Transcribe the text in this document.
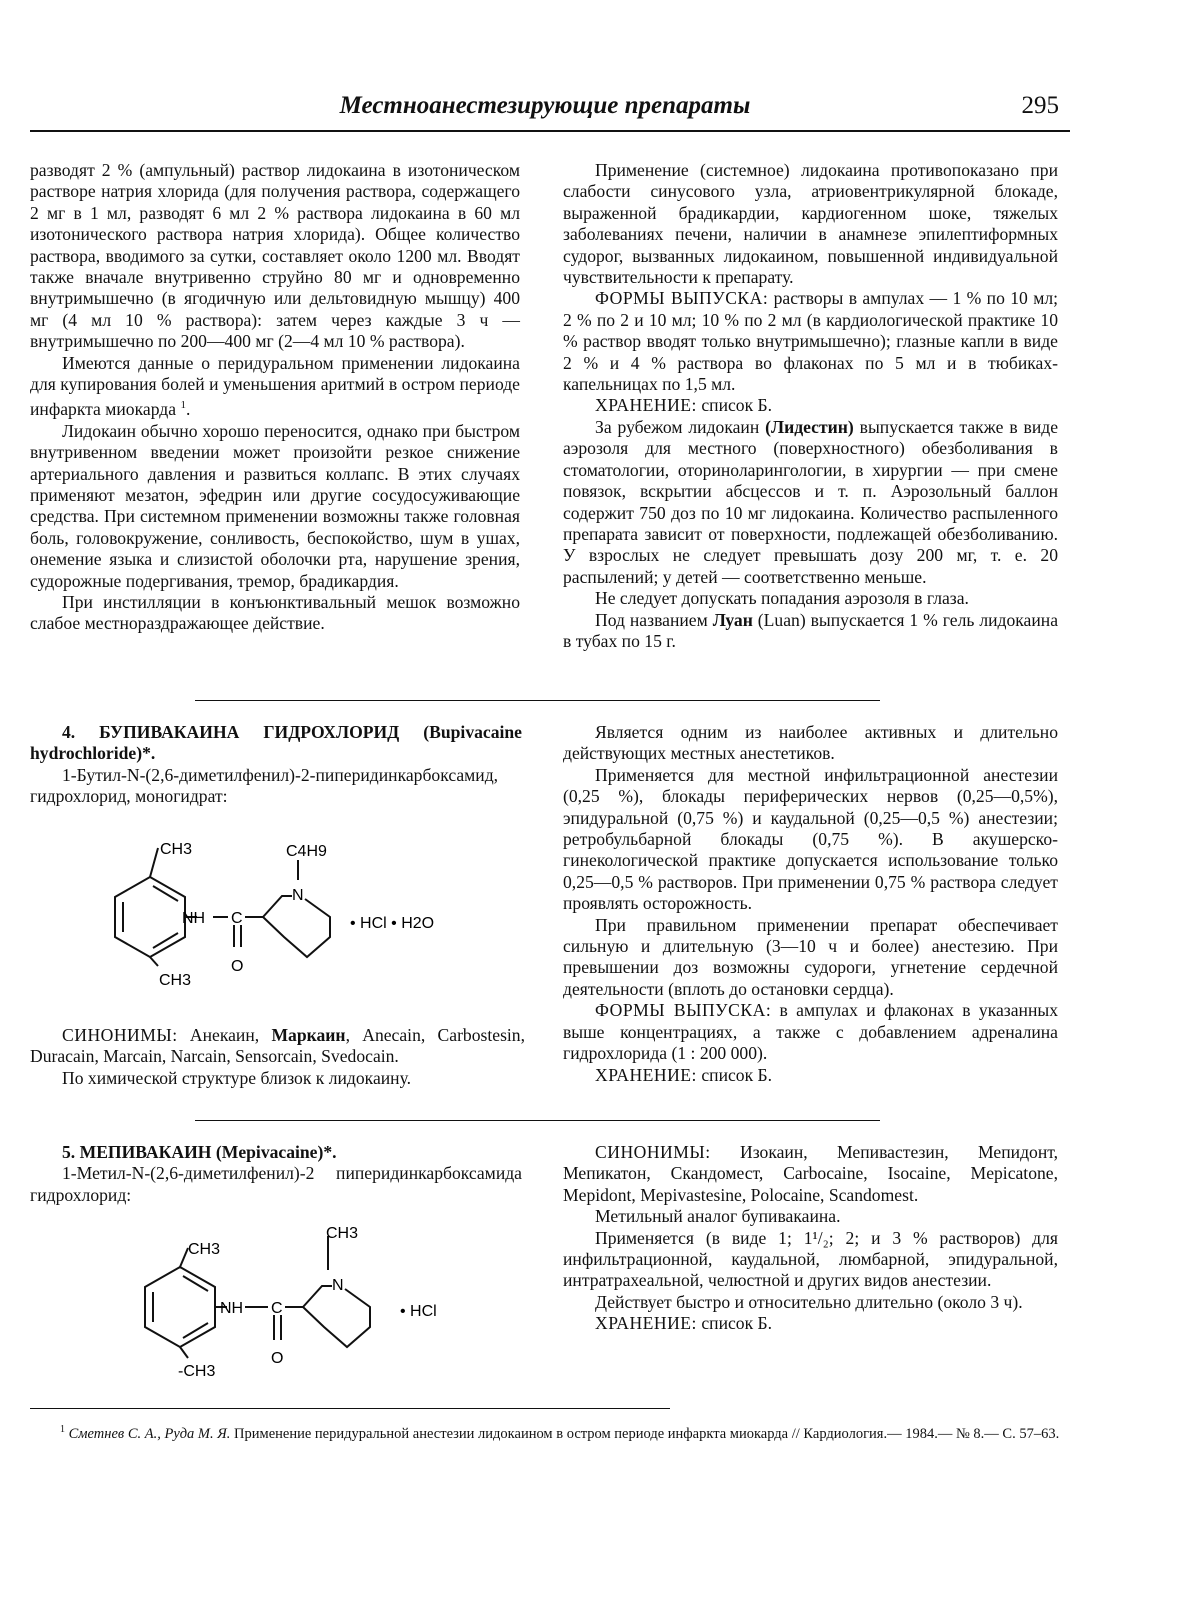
Местноанестезирующие препараты	295

разводят 2 % (ампульный) раствор лидокаина в изотоническом растворе натрия хлорида (для получения раствора, содержащего 2 мг в 1 мл, разводят 6 мл 2 % раствора лидокаина в 60 мл изотонического раствора натрия хлорида). Общее количество раствора, вводимого за сутки, составляет около 1200 мл. Вводят также вначале внутривенно струйно 80 мг и одновременно внутримышечно (в ягодичную или дельтовидную мышцу) 400 мг (4 мл 10 % раствора): затем через каждые 3 ч — внутримышечно по 200—400 мг (2—4 мл 10 % раствора).

Имеются данные о перидуральном применении лидокаина для купирования болей и уменьшения аритмий в остром периоде инфаркта миокарда $^1$.

Лидокаин обычно хорошо переносится, однако при быстром внутривенном введении может произойти резкое снижение артериального давления и развиться коллапс. В этих случаях применяют мезатон, эфедрин или другие сосудосуживающие средства. При системном применении возможны также головная боль, головокружение, сонливость, беспокойство, шум в ушах, онемение языка и слизистой оболочки рта, нарушение зрения, судорожные подергивания, тремор, брадикардия.

При инстилляции в конъюнктивальный мешок возможно слабое местнораздражающее действие.

Применение (системное) лидокаина противопоказано при слабости синусового узла, атриовентрикулярной блокаде, выраженной брадикардии, кардиогенном шоке, тяжелых заболеваниях печени, наличии в анамнезе эпилептиформных судорог, вызванных лидокаином, повышенной индивидуальной чувствительности к препарату.

ФОРМЫ ВЫПУСКА: растворы в ампулах — 1 % по 10 мл; 2 % по 2 и 10 мл; 10 % по 2 мл (в кардиологической практике 10 % раствор вводят только внутримышечно); глазные капли в виде 2 % и 4 % раствора во флаконах по 5 мл и в тюбиках-капельницах по 1,5 мл.

ХРАНЕНИЕ: список Б.

За рубежом лидокаин (Лидестин) выпускается также в виде аэрозоля для местного (поверхностного) обезболивания в стоматологии, оториноларингологии, в хирургии — при смене повязок, вскрытии абсцессов и т. п. Аэрозольный баллон содержит 750 доз по 10 мг лидокаина. Количество распыленного препарата зависит от поверхности, подлежащей обезболиванию. У взрослых не следует превышать дозу 200 мг, т. е. 20 распылений; у детей — соответственно меньше.

Не следует допускать попадания аэрозоля в глаза.

Под названием Луан (Luan) выпускается 1 % гель лидокаина в тубах по 15 г.

4. БУПИВАКАИНА ГИДРОХЛОРИД (Bupivacaine hydrochloride)*.

1-Бутил-N-(2,6-диметилфенил)-2-пиперидинкарбоксамид, гидрохлорид, моногидрат:

CH3
CH3
NH C
O
N
C4H9
• HCl • H2O

СИНОНИМЫ: Анекаин, Маркаин, Anecain, Carbostesin, Duracain, Marcain, Narcain, Sensorcain, Svedocain.

По химической структуре близок к лидокаину.

Является одним из наиболее активных и длительно действующих местных анестетиков.

Применяется для местной инфильтрационной анестезии (0,25 %), блокады периферических нервов (0,25—0,5%), эпидуральной (0,75 %) и каудальной (0,25—0,5 %) анестезии; ретробульбарной блокады (0,75 %). В акушерско-гинекологической практике допускается использование только 0,25—0,5 % растворов. При применении 0,75 % раствора следует проявлять осторожность.

При правильном применении препарат обеспечивает сильную и длительную (3—10 ч и более) анестезию. При превышении доз возможны судороги, угнетение сердечной деятельности (вплоть до остановки сердца).

ФОРМЫ ВЫПУСКА: в ампулах и флаконах в указанных выше концентрациях, а также с добавлением адреналина гидрохлорида (1 : 200 000).

ХРАНЕНИЕ: список Б.

5. МЕПИВАКАИН (Mepivacaine)*.

1-Метил-N-(2,6-диметилфенил)-2 пиперидинкарбоксамида гидрохлорид:

CH3
-CH3
NH C
O
N
CH3
• HCl

СИНОНИМЫ: Изокаин, Мепивастезин, Мепидонт, Мепикатон, Скандомест, Carbocaine, Isocaine, Mepicatone, Mepidont, Mepivastesine, Polocaine, Scandomest.

Метильный аналог бупивакаина.

Применяется (в виде 1; 1¹/₂; 2; и 3 % растворов) для инфильтрационной, каудальной, люмбарной, эпидуральной, интратрахеальной, челюстной и других видов анестезии.

Действует быстро и относительно длительно (около 3 ч).

ХРАНЕНИЕ: список Б.

$^1$ Сметнев С. А., Руда М. Я. Применение перидуральной анестезии лидокаином в остром периоде инфаркта миокарда // Кардиология.— 1984.— № 8.— С. 57–63.
